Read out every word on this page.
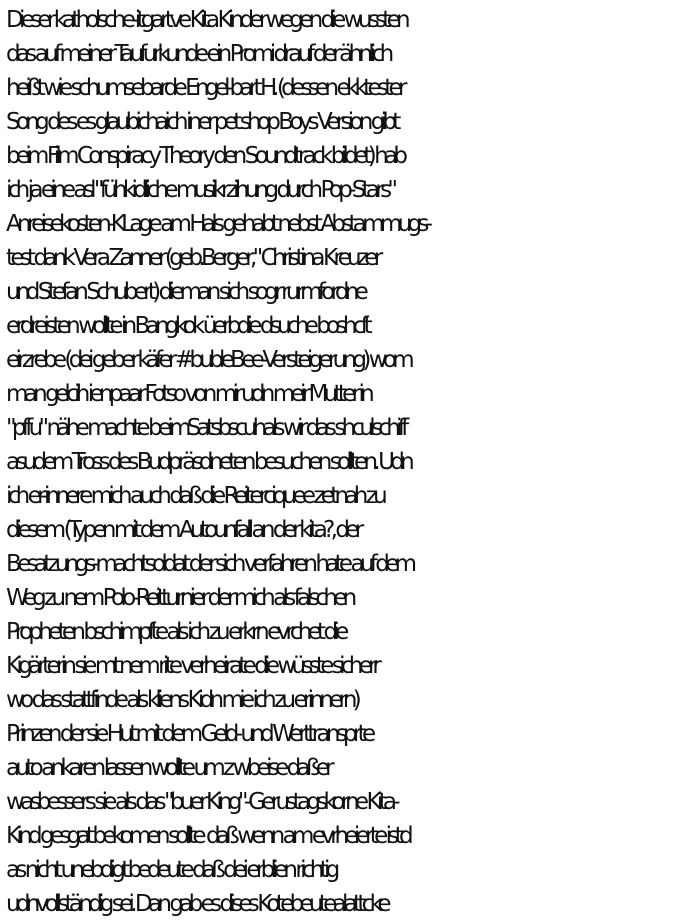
Dieser katholsche-itgartve Kita Kinder wegen die wussten
das auf meiner Taufurkunde ein Promi drauf der ähnlich
heißt wie schumsebarde Engel-bart H. (dessen ekktester
Song des es glaubichaich iner pet shop Boys Version gibt
beim Film Conspiracy Theory den Soundtrack bildet) hab
ich ja eine asl "fühkidliche musikrzihung durch Pop-Stars"
Anreisekosten-KLage am Hals gehabt nebst Abstammugs-
test dank Vera Zanner (geb.Berger," Christina Kreuzer
und Stefan Schubert) dieman sich sogr rurmfordne
erdreisten wollte in Bangkok üerbdie dsuche boshcft
eirzrebe (dei geber käfer #bubleBee-Versteigerung) wom
man gelcih ienpaar Fotso von mir udn meir Mutter in
"pffu" nähe machte beimSatsbscuhals wir das shculschiff
asudem Tross des Budpräsdneten besuchen sollten. Udn
ich er-innere mich auch daß die Reiterciquee zetnah zu
diesem (Typen mit dem Autounfall an der kita?, der
Besatzungs-machtsoldat der sich verfahren hate auf dem
Weg zu nem Polo-Reitturnier der mich als falschen
Propheten bschimpfte als ich zu erkrn evrchet die
Kigärterin sie mt nem rite verheirate die wüsste sicherr
wo das stattfinde als kliens Kidn mie ich zu erinnern)
Prinzen der sie Hut mit dem Geld- und Werttransprte
auto ankaren lassen wollte um z wbeise daßer
wasbessers sie als das "buer King"-Gerustagskorne Kita-
Kind gesgat bekomen sollte  daß wenn am evrheierte istd
as nicht unebdigt bedeute daß dei erblien richtig
udnvollständig sei. Dan gab es dises Kotebeutealattcke
